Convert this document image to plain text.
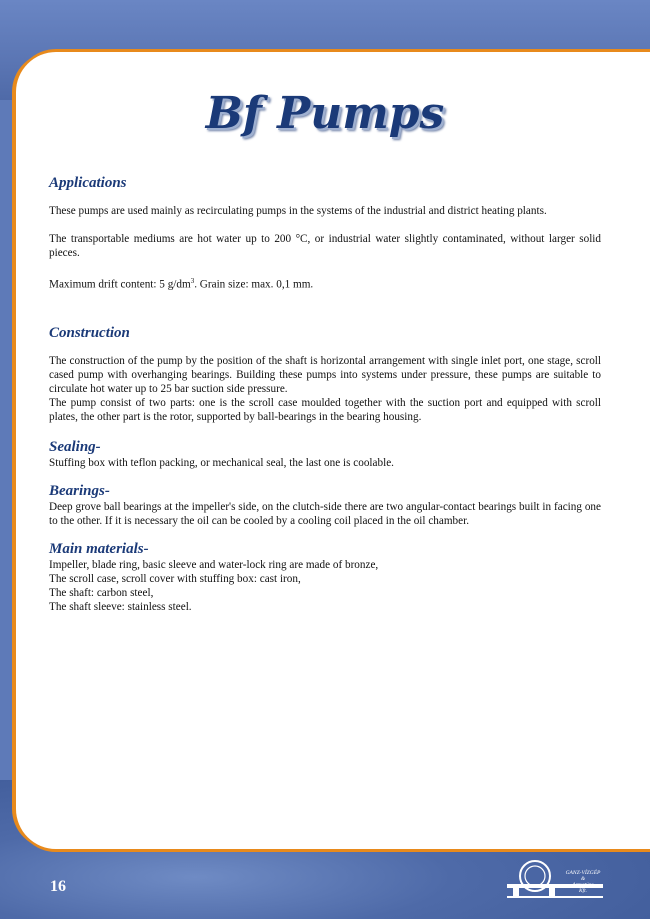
Bf Pumps
Applications

These pumps are used mainly as recirculating pumps in the systems of the industrial and district heating plants.

The transportable mediums are hot water up to 200 °C, or industrial water slightly contaminated, without larger solid pieces.

Maximum drift content: 5 $g/dm^3$. Grain size: max. 0,1 mm.

Construction

The construction of the pump by the position of the shaft is horizontal arrangement with single inlet port, one stage, scroll cased pump with overhanging bearings. Building these pumps into systems under pressure, these pumps are suitable to circulate hot water up to 25 bar suction side pressure.

The pump consist of two parts: one is the scroll case moulded together with the suction port and equipped with scroll plates, the other part is the rotor, supported by ball-bearings in the bearing housing.

Sealing-

Stuffing box with teflon packing, or mechanical seal, the last one is coolable.

Bearings-

Deep grove ball bearings at the impeller's side, on the clutch-side there are two angular-contact bearings built in facing one to the other. If it is necessary the oil can be cooled by a cooling coil placed in the oil chamber.

Main materials-
Impeller, blade ring, basic sleeve and water-lock ring are made of bronze,
The scroll case, scroll cover with stuffing box: cast iron,
The shaft: carbon steel,
The shaft sleeve: stainless steel.
16
GANZ-VÍZGÉP
&
Armatúra
Kft.
